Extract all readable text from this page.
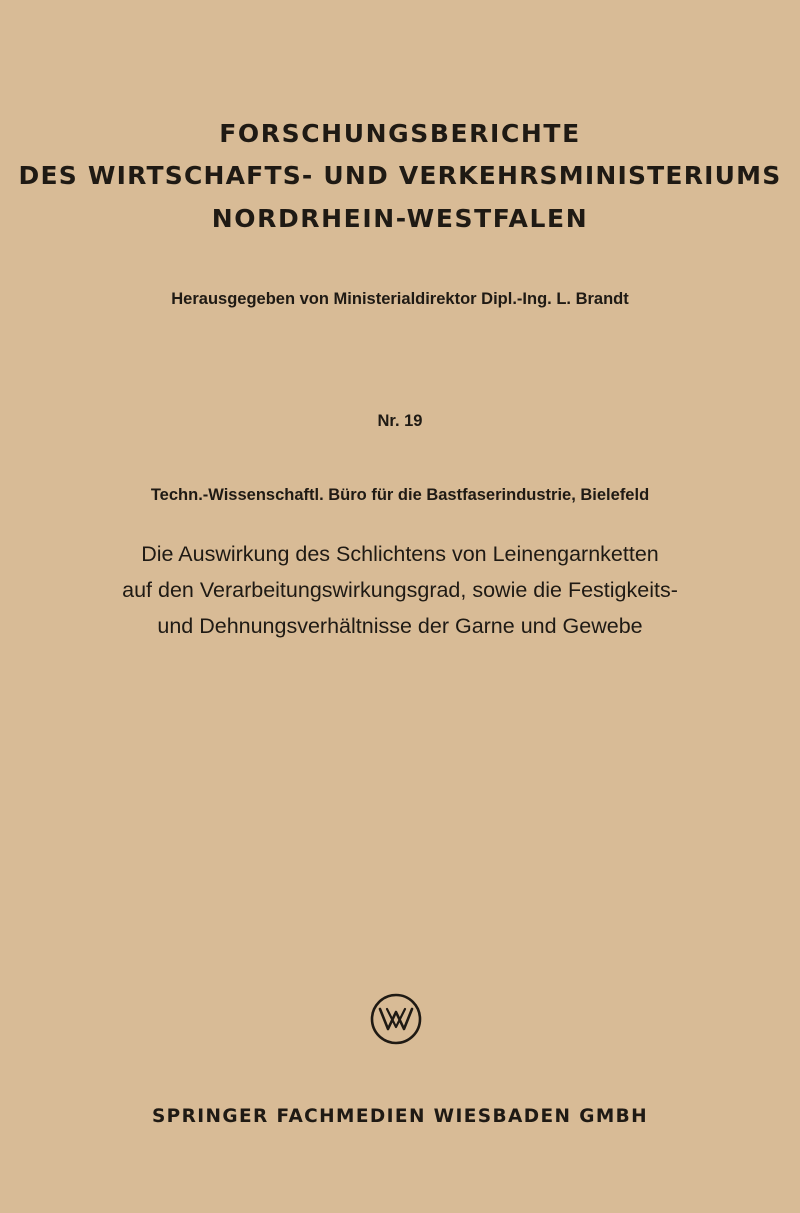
FORSCHUNGSBERICHTE
DES WIRTSCHAFTS- UND VERKEHRSMINISTERIUMS
NORDRHEIN-WESTFALEN
Herausgegeben von Ministerialdirektor Dipl.-Ing. L. Brandt
Nr. 19
Techn.-Wissenschaftl. Büro für die Bastfaserindustrie, Bielefeld
Die Auswirkung des Schlichtens von Leinengarnketten
auf den Verarbeitungswirkungsgrad, sowie die Festigkeits-
und Dehnungsverhältnisse der Garne und Gewebe
SPRINGER FACHMEDIEN WIESBADEN GMBH
